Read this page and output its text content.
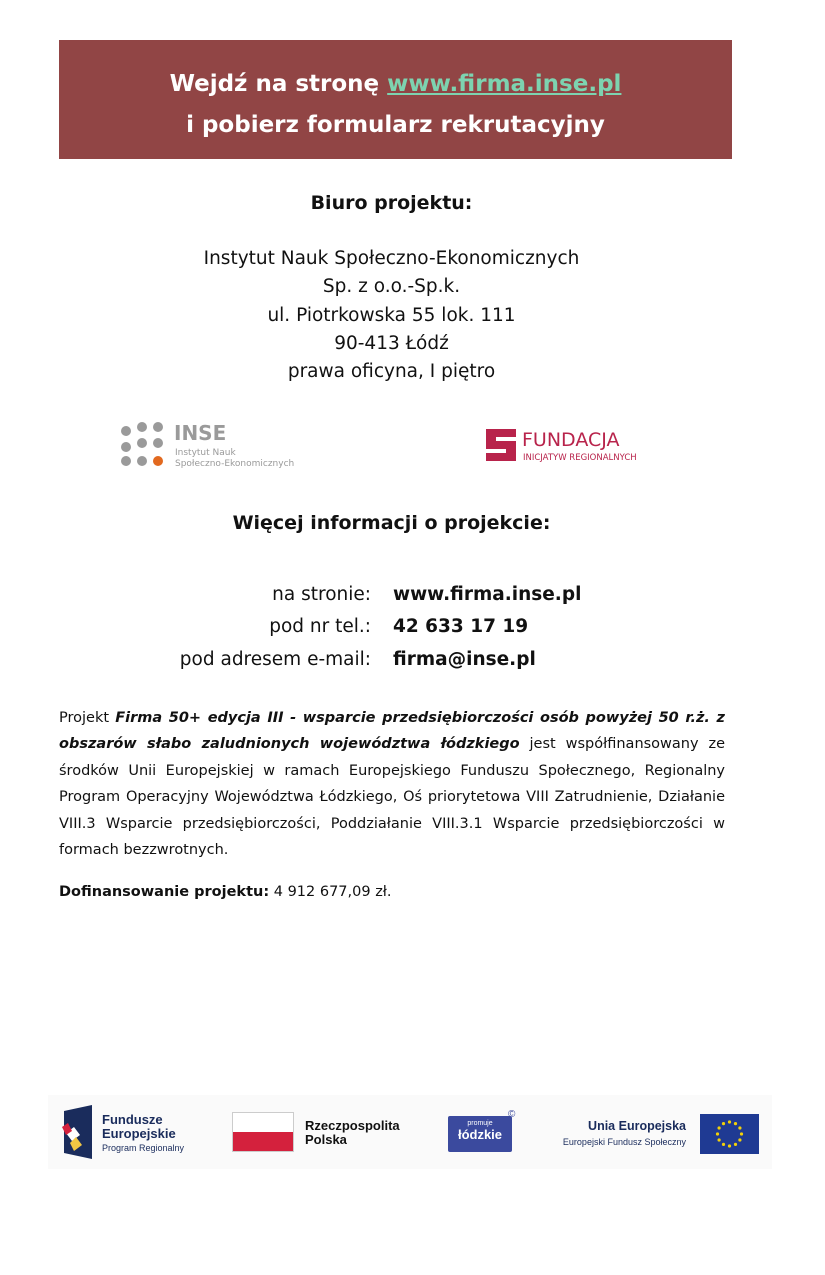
Wejdź na stronę www.firma.inse.pl
i pobierz formularz rekrutacyjny
Biuro projektu:
Instytut Nauk Społeczno-Ekonomicznych
Sp. z o.o.-Sp.k.
ul. Piotrkowska 55 lok. 111
90-413 Łódź
prawa oficyna, I piętro
INSE
Instytut Nauk
Społeczno-Ekonomicznych
FUNDACJA
INICJATYW REGIONALNYCH
Więcej informacji o projekcie:
na stronie:	www.firma.inse.pl
pod nr tel.:	42 633 17 19
pod adresem e-mail:	firma@inse.pl

Projekt Firma 50+ edycja III - wsparcie przedsiębiorczości osób powyżej 50 r.ż. z obszarów słabo zaludnionych województwa łódzkiego jest współfinansowany ze środków Unii Europejskiej w ramach Europejskiego Funduszu Społecznego, Regionalny Program Operacyjny Województwa Łódzkiego, Oś priorytetowa VIII Zatrudnienie, Działanie VIII.3 Wsparcie przedsiębiorczości, Poddziałanie VIII.3.1 Wsparcie przedsiębiorczości w formach bezzwrotnych.

Dofinansowanie projektu: 4 912 677,09 zł.

Fundusze
Europejskie
Program Regionalny
Rzeczpospolita
Polska
promuje
łódzkie
©
Unia Europejska
Europejski Fundusz Społeczny
